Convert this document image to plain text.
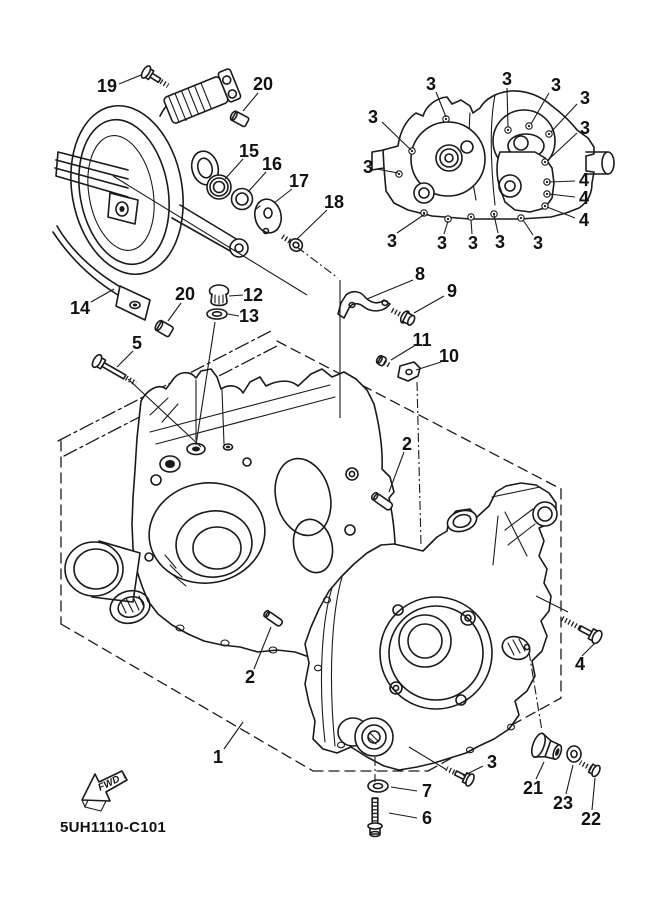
FWD
5UH1110-C101
19	20
15
16
17
18
14
20	12
13
5
3	3 3
3
3
3
3
3 3 3 3 3
4
4
4
8
9
11
10
2
2
1	3
7
6
21
23
22
4
